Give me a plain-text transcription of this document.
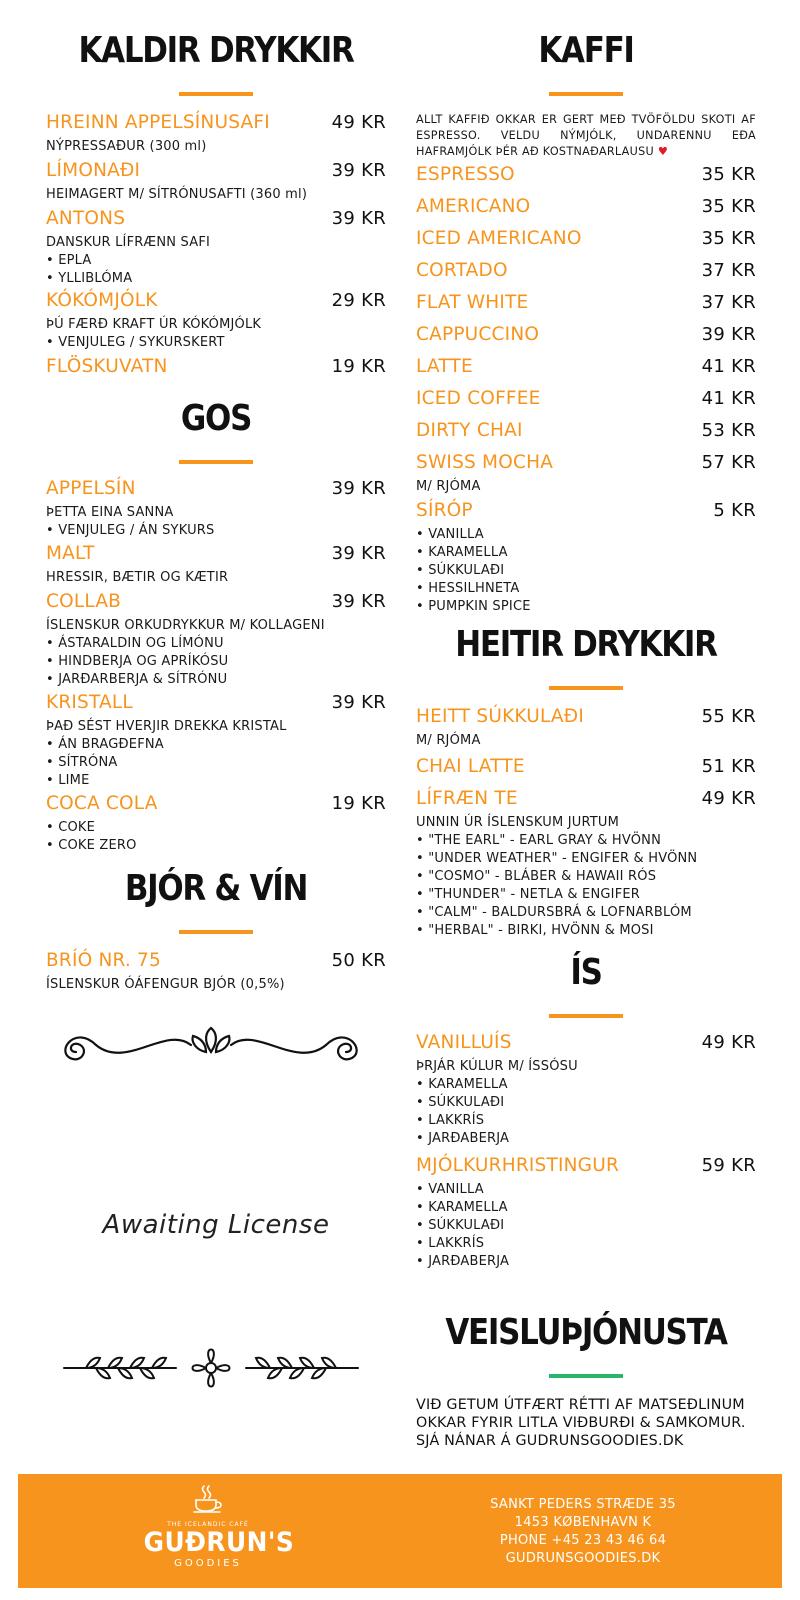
KALDIR DRYKKIR
HREINN APPELSÍNUSAFI	49 KR
NÝPRESSAÐUR (300 ml)
LÍMONAÐI	39 KR
HEIMAGERT M/ SÍTRÓNUSAFTI (360 ml)
ANTONS	39 KR
DANSKUR LÍFRÆNN SAFI
• EPLA
• YLLIBLÓMA
KÓKÓMJÓLK	29 KR
ÞÚ FÆRÐ KRAFT ÚR KÓKÓMJÓLK
• VENJULEG / SYKURSKERT
FLÖSKUVATN	19 KR
GOS
APPELSÍN	39 KR
ÞETTA EINA SANNA
• VENJULEG / ÁN SYKURS
MALT	39 KR
HRESSIR, BÆTIR OG KÆTIR
COLLAB	39 KR
ÍSLENSKUR ORKUDRYKKUR M/ KOLLAGENI
• ÁSTARALDIN OG LÍMÓNU
• HINDBERJA OG APRÍKÓSU
• JARÐARBERJA & SÍTRÓNU
KRISTALL	39 KR
ÞAÐ SÉST HVERJIR DREKKA KRISTAL
• ÁN BRAGÐEFNA
• SÍTRÓNA
• LIME
COCA COLA	19 KR
• COKE
• COKE ZERO
BJÓR & VÍN
BRÍÓ NR. 75	50 KR
ÍSLENSKUR ÓÁFENGUR BJÓR (0,5%)
Awaiting License
KAFFI
ALLT KAFFIÐ OKKAR ER GERT MEÐ TVÖFÖLDU SKOTI AF ESPRESSO. VELDU NÝMJÓLK, UNDARENNU EÐA HAFRAMJÓLK ÞÉR AÐ KOSTNAÐARLAUSU ♥
ESPRESSO	35 KR
AMERICANO	35 KR
ICED AMERICANO	35 KR
CORTADO	37 KR
FLAT WHITE	37 KR
CAPPUCCINO	39 KR
LATTE	41 KR
ICED COFFEE	41 KR
DIRTY CHAI	53 KR
SWISS MOCHA	57 KR
M/ RJÓMA
SÍRÓP	5 KR
• VANILLA
• KARAMELLA
• SÚKKULAÐI
• HESSILHNETA
• PUMPKIN SPICE
HEITIR DRYKKIR
HEITT SÚKKULAÐI	55 KR
M/ RJÓMA
CHAI LATTE	51 KR
LÍFRÆN TE	49 KR
UNNIN ÚR ÍSLENSKUM JURTUM
• "THE EARL" - EARL GRAY & HVÖNN
• "UNDER WEATHER" - ENGIFER & HVÖNN
• "COSMO" - BLÁBER & HAWAII RÓS
• "THUNDER" - NETLA & ENGIFER
• "CALM" - BALDURSBRÁ & LOFNARBLÓM
• "HERBAL" - BIRKI, HVÖNN & MOSI
ÍS
VANILLUÍS	49 KR
ÞRJÁR KÚLUR M/ ÍSSÓSU
• KARAMELLA
• SÚKKULAÐI
• LAKKRÍS
• JARÐABERJA
MJÓLKURHRISTINGUR	59 KR
• VANILLA
• KARAMELLA
• SÚKKULAÐI
• LAKKRÍS
• JARÐABERJA
VEISLUÞJÓNUSTA
VIÐ GETUM ÚTFÆRT RÉTTI AF MATSEÐLINUM
OKKAR FYRIR LITLA VIÐBURÐI & SAMKOMUR.
SJÁ NÁNAR Á GUDRUNSGOODIES.DK
THE ICELANDIC CAFÉ
GUÐRUN'S
GOODIES
SANKT PEDERS STRÆDE 35
1453 KØBENHAVN K
PHONE +45 23 43 46 64
GUDRUNSGOODIES.DK
